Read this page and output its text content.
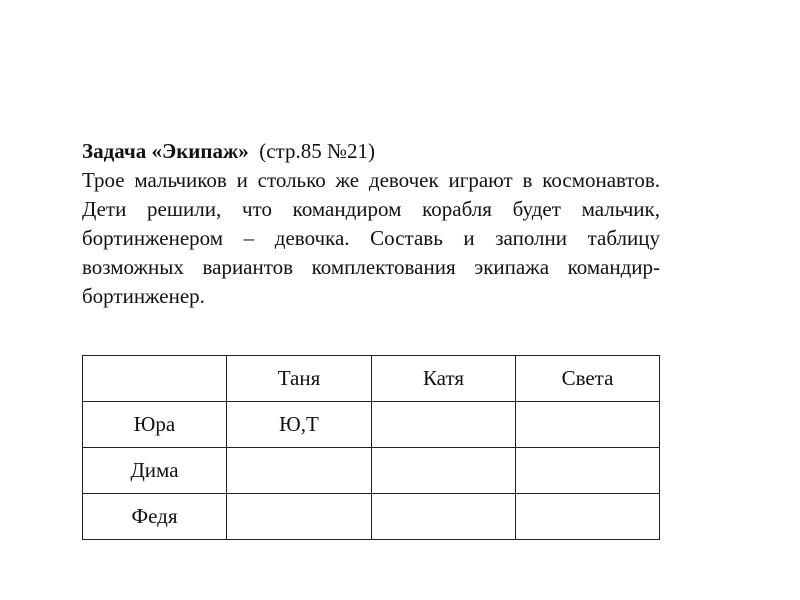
Задача «Экипаж» (стр.85 №21)
Трое мальчиков и столько же девочек играют в космонавтов. Дети решили, что командиром корабля будет мальчик, бортинженером – девочка. Составь и заполни таблицу возможных вариантов комплектования экипажа командир-бортинженер.
	Таня	Катя	Света
Юра	Ю,Т		
Дима			
Федя			
